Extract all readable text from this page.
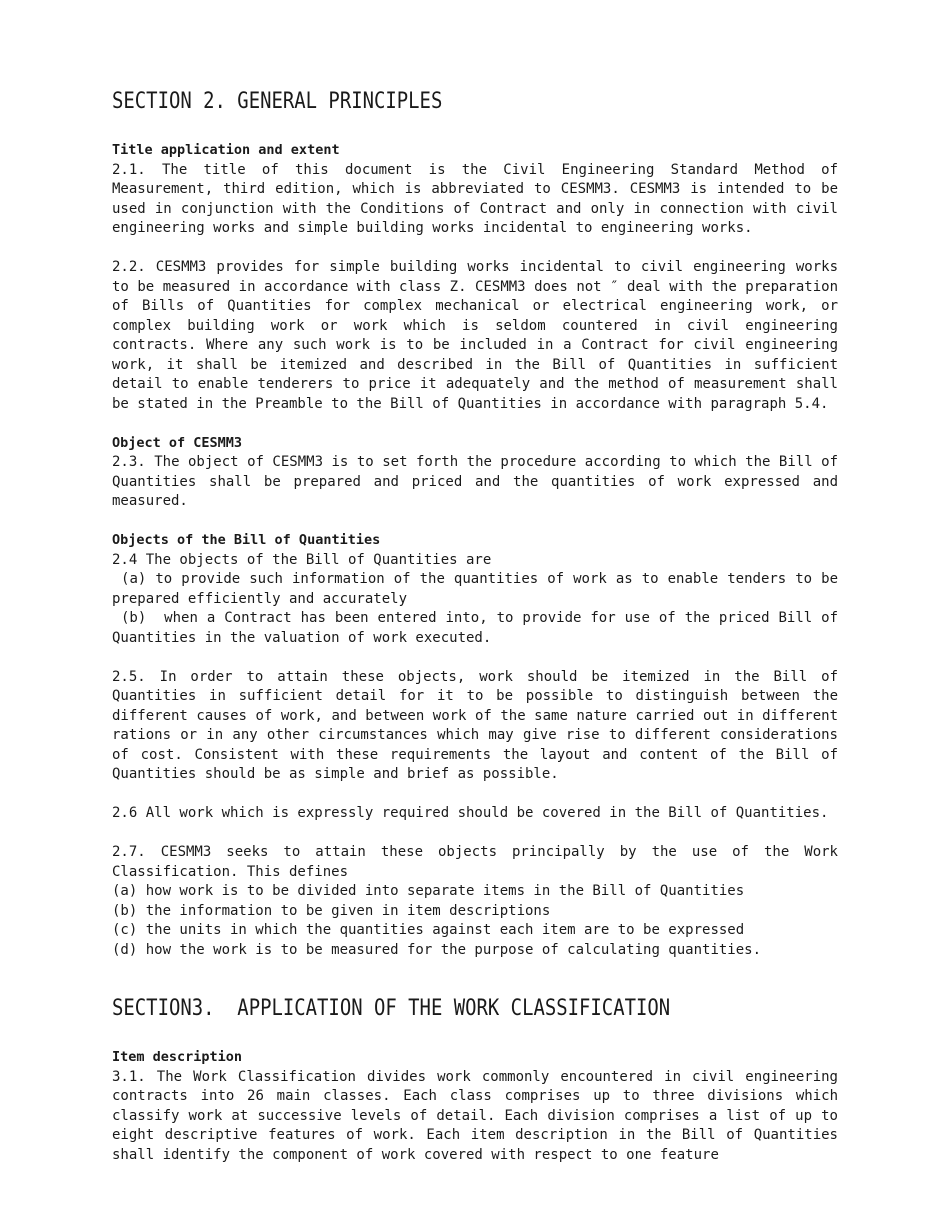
SECTION 2. GENERAL PRINCIPLES

Title application and extent

2.1. The title of this document is the Civil Engineering Standard Method of Measurement, third edition, which is abbreviated to CESMM3. CESMM3 is intended to be used in conjunction with the Conditions of Contract and only in connection with civil engineering works and simple building works incidental to engineering works.

2.2. CESMM3 provides for simple building works incidental to civil engineering works to be measured in accordance with class Z. CESMM3 does not ″ deal with the preparation of Bills of Quantities for complex mechanical or electrical engineering work, or complex building work or work which is seldom countered in civil engineering contracts. Where any such work is to be included in a Contract for civil engineering work, it shall be itemized and described in the Bill of Quantities in sufficient detail to enable tenderers to price it adequately and the method of measurement shall be stated in the Preamble to the Bill of Quantities in accordance with paragraph 5.4.

Object of CESMM3

2.3. The object of CESMM3 is to set forth the procedure according to which the Bill of Quantities shall be prepared and priced and the quantities of work expressed and measured.

Objects of the Bill of Quantities

2.4 The objects of the Bill of Quantities are

(a) to provide such information of the quantities of work as to enable tenders to be prepared efficiently and accurately

(b)  when a Contract has been entered into, to provide for use of the priced Bill of Quantities in the valuation of work executed.

2.5. In order to attain these objects, work should be itemized in the Bill of Quantities in sufficient detail for it to be possible to distinguish between the different causes of work, and between work of the same nature carried out in different rations or in any other circumstances which may give rise to different considerations of cost. Consistent with these requirements the layout and content of the Bill of Quantities should be as simple and brief as possible.

2.6 All work which is expressly required should be covered in the Bill of Quantities.

2.7. CESMM3 seeks to attain these objects principally by the use of the Work Classification. This defines

(a) how work is to be divided into separate items in the Bill of Quantities

(b) the information to be given in item descriptions

(c) the units in which the quantities against each item are to be expressed

(d) how the work is to be measured for the purpose of calculating quantities.

SECTION3.  APPLICATION OF THE WORK CLASSIFICATION

Item description

3.1. The Work Classification divides work commonly encountered in civil engineering contracts into 26 main classes. Each class comprises up to three divisions which classify work at successive levels of detail. Each division comprises a list of up to eight descriptive features of work. Each item description in the Bill of Quantities shall identify the component of work covered with respect to one feature
